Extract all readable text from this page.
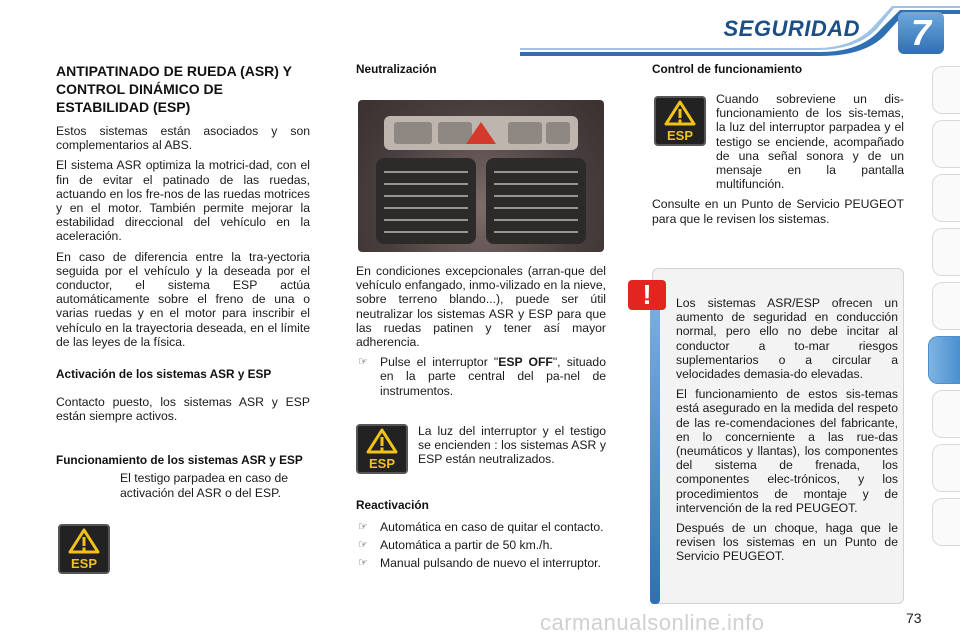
SEGURIDAD	7
ANTIPATINADO DE RUEDA (ASR) Y CONTROL DINÁMICO DE ESTABILIDAD (ESP)

Estos sistemas están asociados y son complementarios al ABS.

El sistema ASR optimiza la motrici-dad, con el fin de evitar el patinado de las ruedas, actuando en los fre-nos de las ruedas motrices y en el motor. También permite mejorar la estabilidad direccional del vehículo en la aceleración.

En caso de diferencia entre la tra-yectoria seguida por el vehículo y la deseada por el conductor, el sistema ESP actúa automáticamente sobre el freno de una o varias ruedas y en el motor para inscribir el vehículo en la trayectoria deseada, en el límite de las leyes de la física.

Activación de los sistemas ASR y ESP

Contacto puesto, los sistemas ASR y ESP están siempre activos.

Funcionamiento de los sistemas ASR y ESP

El testigo parpadea en caso de activación del ASR o del ESP.

ESP
Neutralización

En condiciones excepcionales (arran-que del vehículo enfangado, inmo-vilizado en la nieve, sobre terreno blando...), puede ser útil neutralizar los sistemas ASR y ESP para que las ruedas patinen y tener así mayor adherencia.

☞ Pulse el interruptor "ESP OFF", situado en la parte central del pa-nel de instrumentos.
ESP

La luz del interruptor y el testigo se encienden : los sistemas ASR y ESP están neutralizados.

Reactivación
☞ Automática en caso de quitar el contacto.
☞ Automática a partir de 50 km./h.
☞ Manual pulsando de nuevo el interruptor.
Control de funcionamiento
ESP

Cuando sobreviene un dis-funcionamiento de los sis-temas, la luz del interruptor parpadea y el testigo se enciende, acompañado de una señal sonora y de un mensaje en la pantalla multifunción.

Consulte en un Punto de Servicio PEUGEOT para que le revisen los sistemas.

!	Los sistemas ASR/ESP ofrecen un aumento de seguridad en conducción normal, pero ello no debe incitar al conductor a to-mar riesgos suplementarios o a circular a velocidades demasia-do elevadas.

El funcionamiento de estos sis-temas está asegurado en la medida del respeto de las re-comendaciones del fabricante, en lo concerniente a las rue-das (neumáticos y llantas), los componentes del sistema de frenada, los componentes elec-trónicos, y los procedimientos de montaje y de intervención de la red PEUGEOT.

Después de un choque, haga que le revisen los sistemas en un Punto de Servicio PEUGEOT.

carmanualsonline.info	73
